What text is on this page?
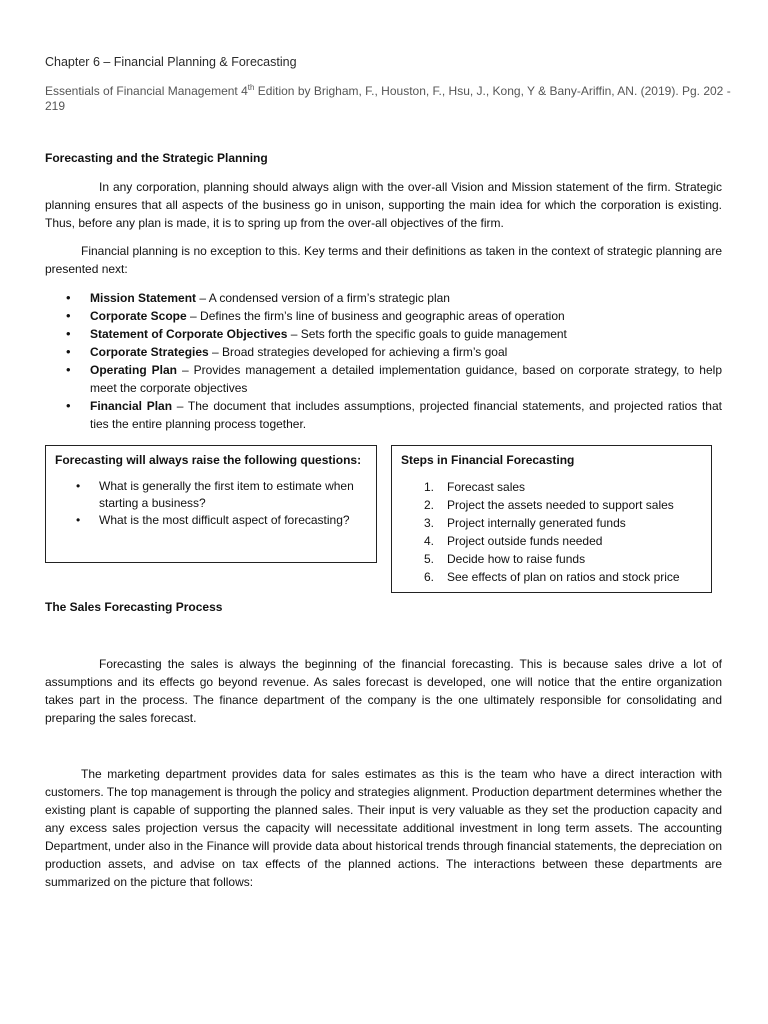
Chapter 6 – Financial Planning & Forecasting
Essentials of Financial Management 4th Edition by Brigham, F., Houston, F., Hsu, J., Kong, Y & Bany-Ariffin, AN. (2019). Pg. 202 - 219
Forecasting and the Strategic Planning
In any corporation, planning should always align with the over-all Vision and Mission statement of the firm. Strategic planning ensures that all aspects of the business go in unison, supporting the main idea for which the corporation is existing. Thus, before any plan is made, it is to spring up from the over-all objectives of the firm.
Financial planning is no exception to this. Key terms and their definitions as taken in the context of strategic planning are presented next:
• Mission Statement – A condensed version of a firm’s strategic plan
• Corporate Scope – Defines the firm’s line of business and geographic areas of operation
• Statement of Corporate Objectives – Sets forth the specific goals to guide management
• Corporate Strategies – Broad strategies developed for achieving a firm’s goal
• Operating Plan – Provides management a detailed implementation guidance, based on corporate strategy, to help meet the corporate objectives
• Financial Plan – The document that includes assumptions, projected financial statements, and projected ratios that ties the entire planning process together.
Forecasting will always raise the following questions:
• What is generally the first item to estimate when starting a business?
• What is the most difficult aspect of forecasting?
Steps in Financial Forecasting
1. Forecast sales
2. Project the assets needed to support sales
3. Project internally generated funds
4. Project outside funds needed
5. Decide how to raise funds
6. See effects of plan on ratios and stock price
The Sales Forecasting Process
Forecasting the sales is always the beginning of the financial forecasting. This is because sales drive a lot of assumptions and its effects go beyond revenue. As sales forecast is developed, one will notice that the entire organization takes part in the process. The finance department of the company is the one ultimately responsible for consolidating and preparing the sales forecast.
The marketing department provides data for sales estimates as this is the team who have a direct interaction with customers. The top management is through the policy and strategies alignment. Production department determines whether the existing plant is capable of supporting the planned sales. Their input is very valuable as they set the production capacity and any excess sales projection versus the capacity will necessitate additional investment in long term assets. The accounting Department, under also in the Finance will provide data about historical trends through financial statements, the depreciation on production assets, and advise on tax effects of the planned actions. The interactions between these departments are summarized on the picture that follows:
